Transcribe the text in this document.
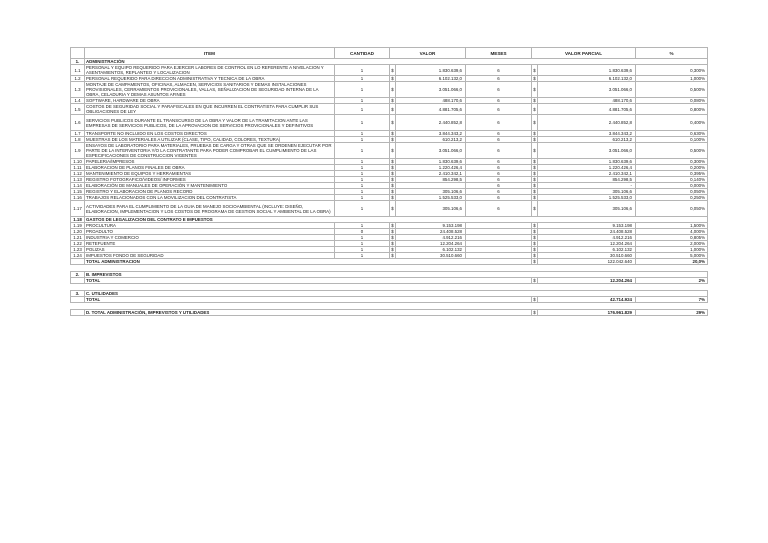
	ITEM	CANTIDAD	VALOR		MESES	VALOR PARCIAL		%
1.	ADMINISTRACIÓN							
1.1	PERSONAL Y EQUIPO REQUERIDO PARA EJERCER LABORES DE CONTROL EN LO REFERENTE A NIVELACION Y ASENTAMIENTOS, REPLANTEO Y LOCALIZACION	1	$	1.830.639,6	6	$	1.830.639,6	0,300%
1.2	PERSONAL REQUERIDO PARA DIRECCION ADMINISTRATIVA Y TECNICA DE LA OBRA	1	$	6.102.132,0	6	$	6.102.132,0	1,000%
1.3	MONTAJE DE CAMPAMENTOS, OFICINAS, ALMACEN, SERVICIOS SANITARIOS Y DEMAS INSTALACIONES PROVISIONALES, CERRAMIENTOS PROVICIONALES, VALLAS, SEÑALIZACION DE SEGURIDAD INTERNA DE LA OBRA, CELADURIA Y DEMAS ASUNTOS AFINES	1	$	3.051.066,0	6	$	3.051.066,0	0,500%
1.4	SOFTWARE, HARDWARE DE OBRA	1	$	488.170,6	6	$	488.170,6	0,080%
1.5	COSTOS DE SEGURIDAD SOCIAL Y PARAFISCALES EN QUE INCURREN EL CONTRATISTA PARA CUMPLIR SUS OBLIGACIONES DE LEY	1	$	4.881.705,6	6	$	4.881.705,6	0,800%
1.6	SERVICIOS PUBLICOS DURANTE EL TRANSCURSO DE LA OBRA Y VALOR DE LA TRAMITACION ANTE LAS EMPRESAS DE SERVICIOS PUBLICOS, DE LA APROVACION DE SERVICIOS PROVICIONALES Y DEFINITIVOS	1	$	2.440.852,8	6	$	2.440.852,8	0,400%
1.7	TRANSPORTE NO INCLUIDO EN LOS COSTOS DIRECTOS	1	$	3.844.343,2	6	$	3.844.343,2	0,630%
1.8	MUESTRAS DE LOS MATERIALES A UTILIZAR (CLASE, TIPO, CALIDAD, COLORES, TEXTURA)	1	$	610.213,2	6	$	610.213,2	0,100%
1.9	ENSAYOS DE LABORATORIO PARA MATERIALES, PRUEBAS DE CARGA Y OTRAS QUE SE ORDENEN EJECUTAR POR PARTE DE LA INTERVENTORIA Y/O LA CONTRATANTE PARA PODER COMPROBAR EL CUMPLIMIENTO DE LAS ESPECIFICACIONES DE CONSTRUCCION VIGENTES	1	$	3.051.066,0	6	$	3.051.066,0	0,500%
1.10	PAPELERIA/IMPRESOS	1	$	1.830.639,6	6	$	1.830.639,6	0,300%
1.11	ELABORACION DE PLANOS FINALES DE OBRA	1	$	1.220.426,4	6	$	1.220.426,4	0,200%
1.12	MANTENIMIENTO DE EQUIPOS Y HERRAMIENTAS	1	$	2.410.342,1	6	$	2.410.342,1	0,395%
1.13	REGISTRO FOTOGRAFICO/VIDEOS/ INFORMES	1	$	854.298,5	6	$	854.298,5	0,140%
1.14	ELABORACIÓN DE MANUALES DE OPERACIÓN Y MANTENIMIENTO	1	$		6	$	-	0,000%
1.15	REGISTRO Y ELABORACION DE PLANOS RECORD	1	$	305.106,6	6	$	305.106,6	0,050%
1.16	TRABAJOS RELACIONADOS CON LA MOVILIZACION DEL CONTRATISTA	1	$	1.525.533,0	6	$	1.525.533,0	0,250%
1.17	ACTIVIDADES PARA EL CUMPLIMIENTO DE LA GUIA DE MANEJO SOCIOAMBIENTAL (INCLUYE: DISEÑO, ELABORACION, IMPLEMENTACION Y LOS COSTOS DE PROGRAMA DE GESTION SOCIAL Y AMBIENTAL DE LA OBRA)	1	$	305.106,6	6	$	305.106,6	0,050%
1.18	GASTOS DE LEGALIZACION DEL CONTRATO E IMPUESTOS							
1.19	PROCULTURA	1	$	9.153.198		$	9.153.198	1,500%
1.20	PROADULTO	0	$	24.408.528		$	24.408.528	4,000%
1.21	INDUSTRIA Y COMERCIO	1	$	4.912.216		$	4.912.216	0,805%
1.22	RETEFUENTE	1	$	12.204.264		$	12.204.264	2,000%
1.23	POLIZAS	1	$	6.102.132		$	6.102.132	1,000%
1.24	IMPUESTOS FONDO DE SEGURIDAD	1	$	30.510.660		$	30.510.660	5,000%
	TOTAL ADMINISTRACION					$	122.042.640	20,0%

2.	B. IMPREVISTOS							
	TOTAL					$	12.204.264	2%

3.	C. UTILIDADES							
	TOTAL					$	42.714.924	7%

	D. TOTAL ADMINISTRACIÓN, IMPREVISTOS Y UTILIDADES					$	176.961.829	29%
